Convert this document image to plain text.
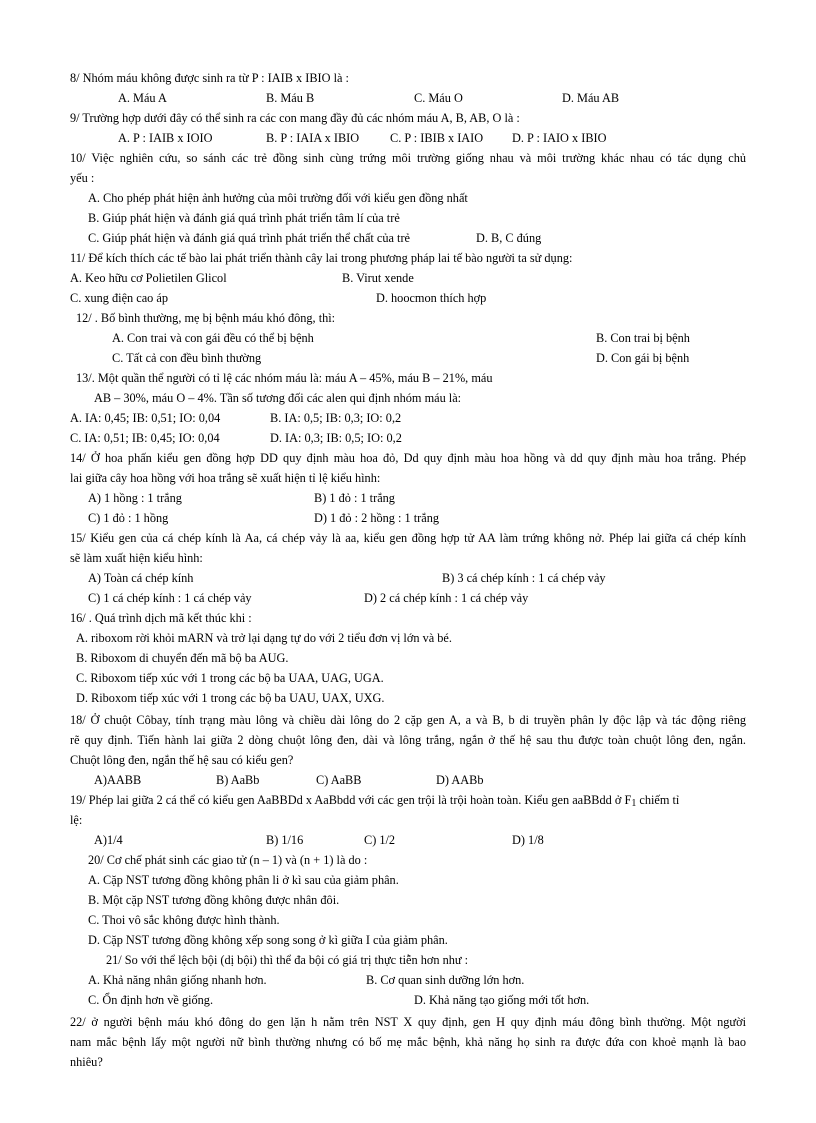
8/ Nhóm máu không được sinh ra từ P : IAIB x IBIO là :
A. Máu A	B. Máu B	C. Máu O	D. Máu AB
9/ Trường hợp dưới đây có thể sinh ra các con mang đầy đủ các nhóm máu A, B, AB, O là :
A. P : IAIB x IOIO	B. P : IAIA x IBIO	C. P : IBIB x IAIO D. P : IAIO x IBIO
10/ Việc nghiên cứu, so sánh các trẻ đồng sinh cùng trứng môi trường giống nhau và môi trường khác nhau có tác dụng chủ
yếu :
A. Cho phép phát hiện ảnh hưởng của môi trường đối với kiểu gen đồng nhất
B. Giúp phát hiện và đánh giá quá trình phát triển tâm lí của trẻ
C. Giúp phát hiện và đánh giá quá trình phát triển thể chất của trẻ	D. B, C đúng
11/ Để kích thích các tế bào lai phát triển thành cây lai trong phương pháp lai tế bào người ta sử dụng:
A. Keo hữu cơ Polietilen Glicol	B. Virut xende
C. xung điện cao áp	D. hoocmon thích hợp
12/ . Bố bình thường, mẹ bị bệnh máu khó đông, thì:
A. Con trai và con gái đều có thể bị bệnh	B. Con trai bị bệnh
C. Tất cả con đều bình thường	D. Con gái bị bệnh
13/. Một quần thể người có tỉ lệ các nhóm máu là: máu A – 45%, máu B – 21%, máu
AB – 30%, máu O – 4%. Tần số tương đối các alen qui định nhóm máu là:
A. IA: 0,45; IB: 0,51; IO: 0,04	B. IA: 0,5; IB: 0,3; IO: 0,2
C. IA: 0,51; IB: 0,45; IO: 0,04	D. IA: 0,3; IB: 0,5; IO: 0,2
14/ Ở hoa phấn kiểu gen đồng hợp DD quy định màu hoa đỏ, Dd quy định màu hoa hồng và dd quy định màu hoa trắng. Phép
lai giữa cây hoa hồng với hoa trắng sẽ xuất hiện tỉ lệ kiểu hình:
A) 1 hồng : 1 trắng	B) 1 đỏ : 1 trắng
C) 1 đỏ : 1 hồng	D) 1 đỏ : 2 hồng : 1 trắng
15/ Kiểu gen của cá chép kính là Aa, cá chép vảy là aa, kiểu gen đồng hợp tử AA làm trứng không nở. Phép lai giữa cá chép kính
sẽ làm xuất hiện kiểu hình:
A) Toàn cá chép kính	B) 3 cá chép kính : 1 cá chép vảy
C) 1 cá chép kính : 1 cá chép vảy	D) 2 cá chép kính : 1 cá chép vảy
16/ . Quá trình dịch mã kết thúc khi :
A. riboxom rời khỏi mARN và trở lại dạng tự do với 2 tiểu đơn vị lớn và bé.
B. Riboxom di chuyển đến mã bộ ba AUG.
C. Riboxom tiếp xúc với 1 trong các bộ ba UAA, UAG, UGA.
D. Riboxom tiếp xúc với 1 trong các bộ ba UAU, UAX, UXG.
18/ Ở chuột Côbay, tính trạng màu lông và chiều dài lông do 2 cặp gen A, a và B, b di truyền phân ly độc lập và tác động riêng
rẽ quy định. Tiến hành lai giữa 2 dòng chuột lông đen, dài và lông trắng, ngắn ở thế hệ sau thu được toàn chuột lông đen, ngắn.
Chuột lông đen, ngắn thế hệ sau có kiểu gen?
A)AABB	B) AaBb	C) AaBB	D) AABb
19/ Phép lai giữa 2 cá thể có kiểu gen AaBBDd x AaBbdd với các gen trội là trội hoàn toàn. Kiểu gen aaBBdd ở $F_1$ chiếm tỉ
lệ:
A)1/4	B) 1/16	C) 1/2	D) 1/8
20/ Cơ chế phát sinh các giao tử (n – 1) và (n + 1) là do :
A. Cặp NST tương đồng không phân li ở kì sau của giảm phân.
B. Một cặp NST tương đồng không được nhân đôi.
C. Thoi vô sắc không được hình thành.
D. Cặp NST tương đồng không xếp song song ở kì giữa I của giảm phân.
21/ So với thể lệch bội (dị bội) thì thể đa bội có giá trị thực tiễn hơn như :
A. Khả năng nhân giống nhanh hơn.	B. Cơ quan sinh dưỡng lớn hơn.
C. Ổn định hơn về giống.	D. Khả năng tạo giống mới tốt hơn.
22/ ở người bệnh máu khó đông do gen lặn h nằm trên NST X quy định, gen H quy định máu đông bình thường. Một người
nam mắc bệnh lấy một người nữ bình thường nhưng có bố mẹ mắc bệnh, khả năng họ sinh ra được đứa con khoẻ mạnh là bao
nhiêu?
